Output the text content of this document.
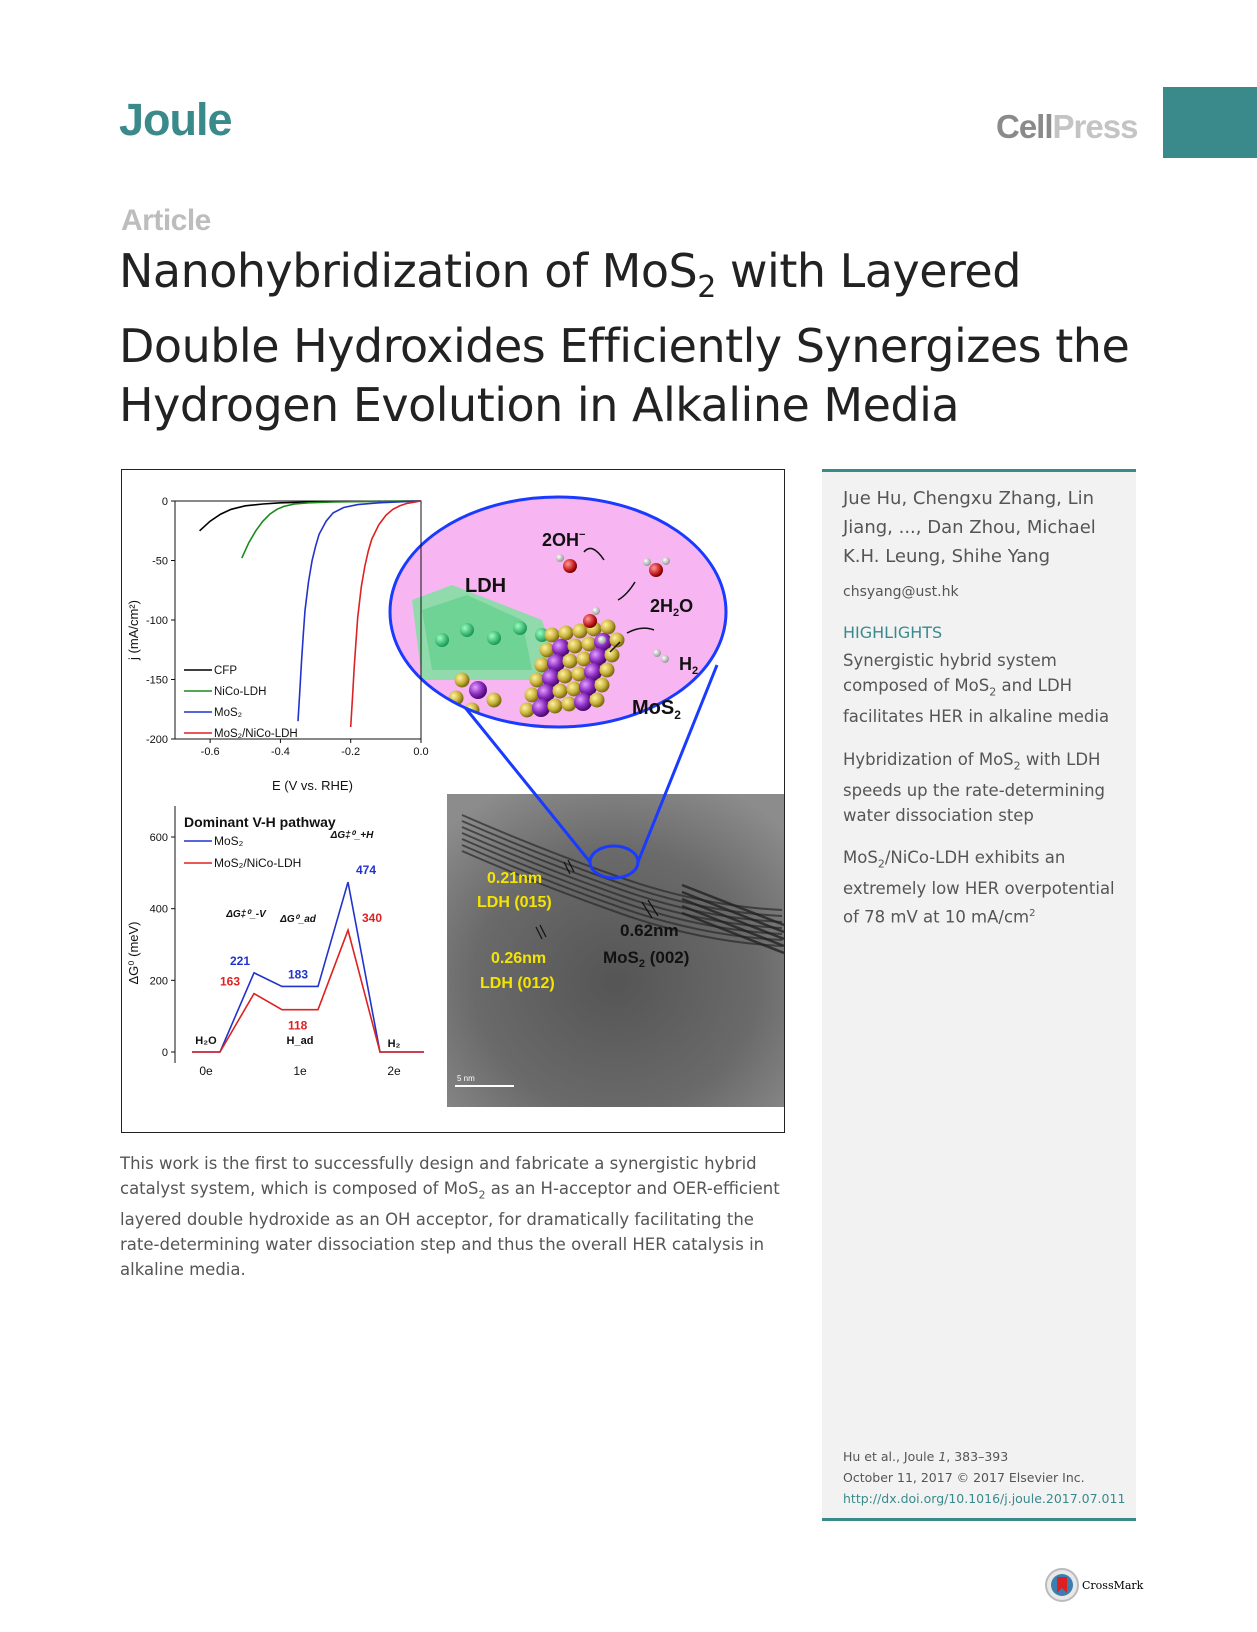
Joule	CellPress
Article
Nanohybridization of MoS$_2$ with Layered
Double Hydroxides Efficiently Synergizes the
Hydrogen Evolution in Alkaline Media
5 nm
0.21nm
LDH (015)
0.26nm
LDH (012)
0.62nm
MoS$_2$ (002)
2OH−
LDH
$2H_2O$
$H_2$
MoS$_2$
-0.6	-0.4	-0.2	0.0
0
-50
-100
-150
-200
CFP
NiCo-LDH
MoS₂
MoS₂/NiCo-LDH
E (V vs. RHE)
j (mA/cm²)
Dominant V-H pathway
ΔG⁰ (meV)
0
200
400
600	MoS₂
MoS₂/NiCo-LDH
221
183
474
163
118
340
0e	1e	2e
H₂O	H_ad	H₂
ΔG‡⁰_-V ΔG⁰_ad
ΔG‡⁰_+H
Jue Hu, Chengxu Zhang, Lin Jiang, ..., Dan Zhou, Michael K.H. Leung, Shihe Yang
chsyang@ust.hk
HIGHLIGHTS
Synergistic hybrid system composed of MoS$_2$ and LDH facilitates HER in alkaline media
Hybridization of MoS$_2$ with LDH speeds up the rate-determining water dissociation step
MoS$_2$/NiCo-LDH exhibits an extremely low HER overpotential of 78 mV at 10 $mA/cm^2$
Hu et al., Joule 1, 383–393
October 11, 2017 © 2017 Elsevier Inc.
http://dx.doi.org/10.1016/j.joule.2017.07.011
This work is the first to successfully design and fabricate a synergistic hybrid catalyst system, which is composed of MoS$_2$ as an H-acceptor and OER-efficient layered double hydroxide as an OH acceptor, for dramatically facilitating the rate-determining water dissociation step and thus the overall HER catalysis in alkaline media.
CrossMark
